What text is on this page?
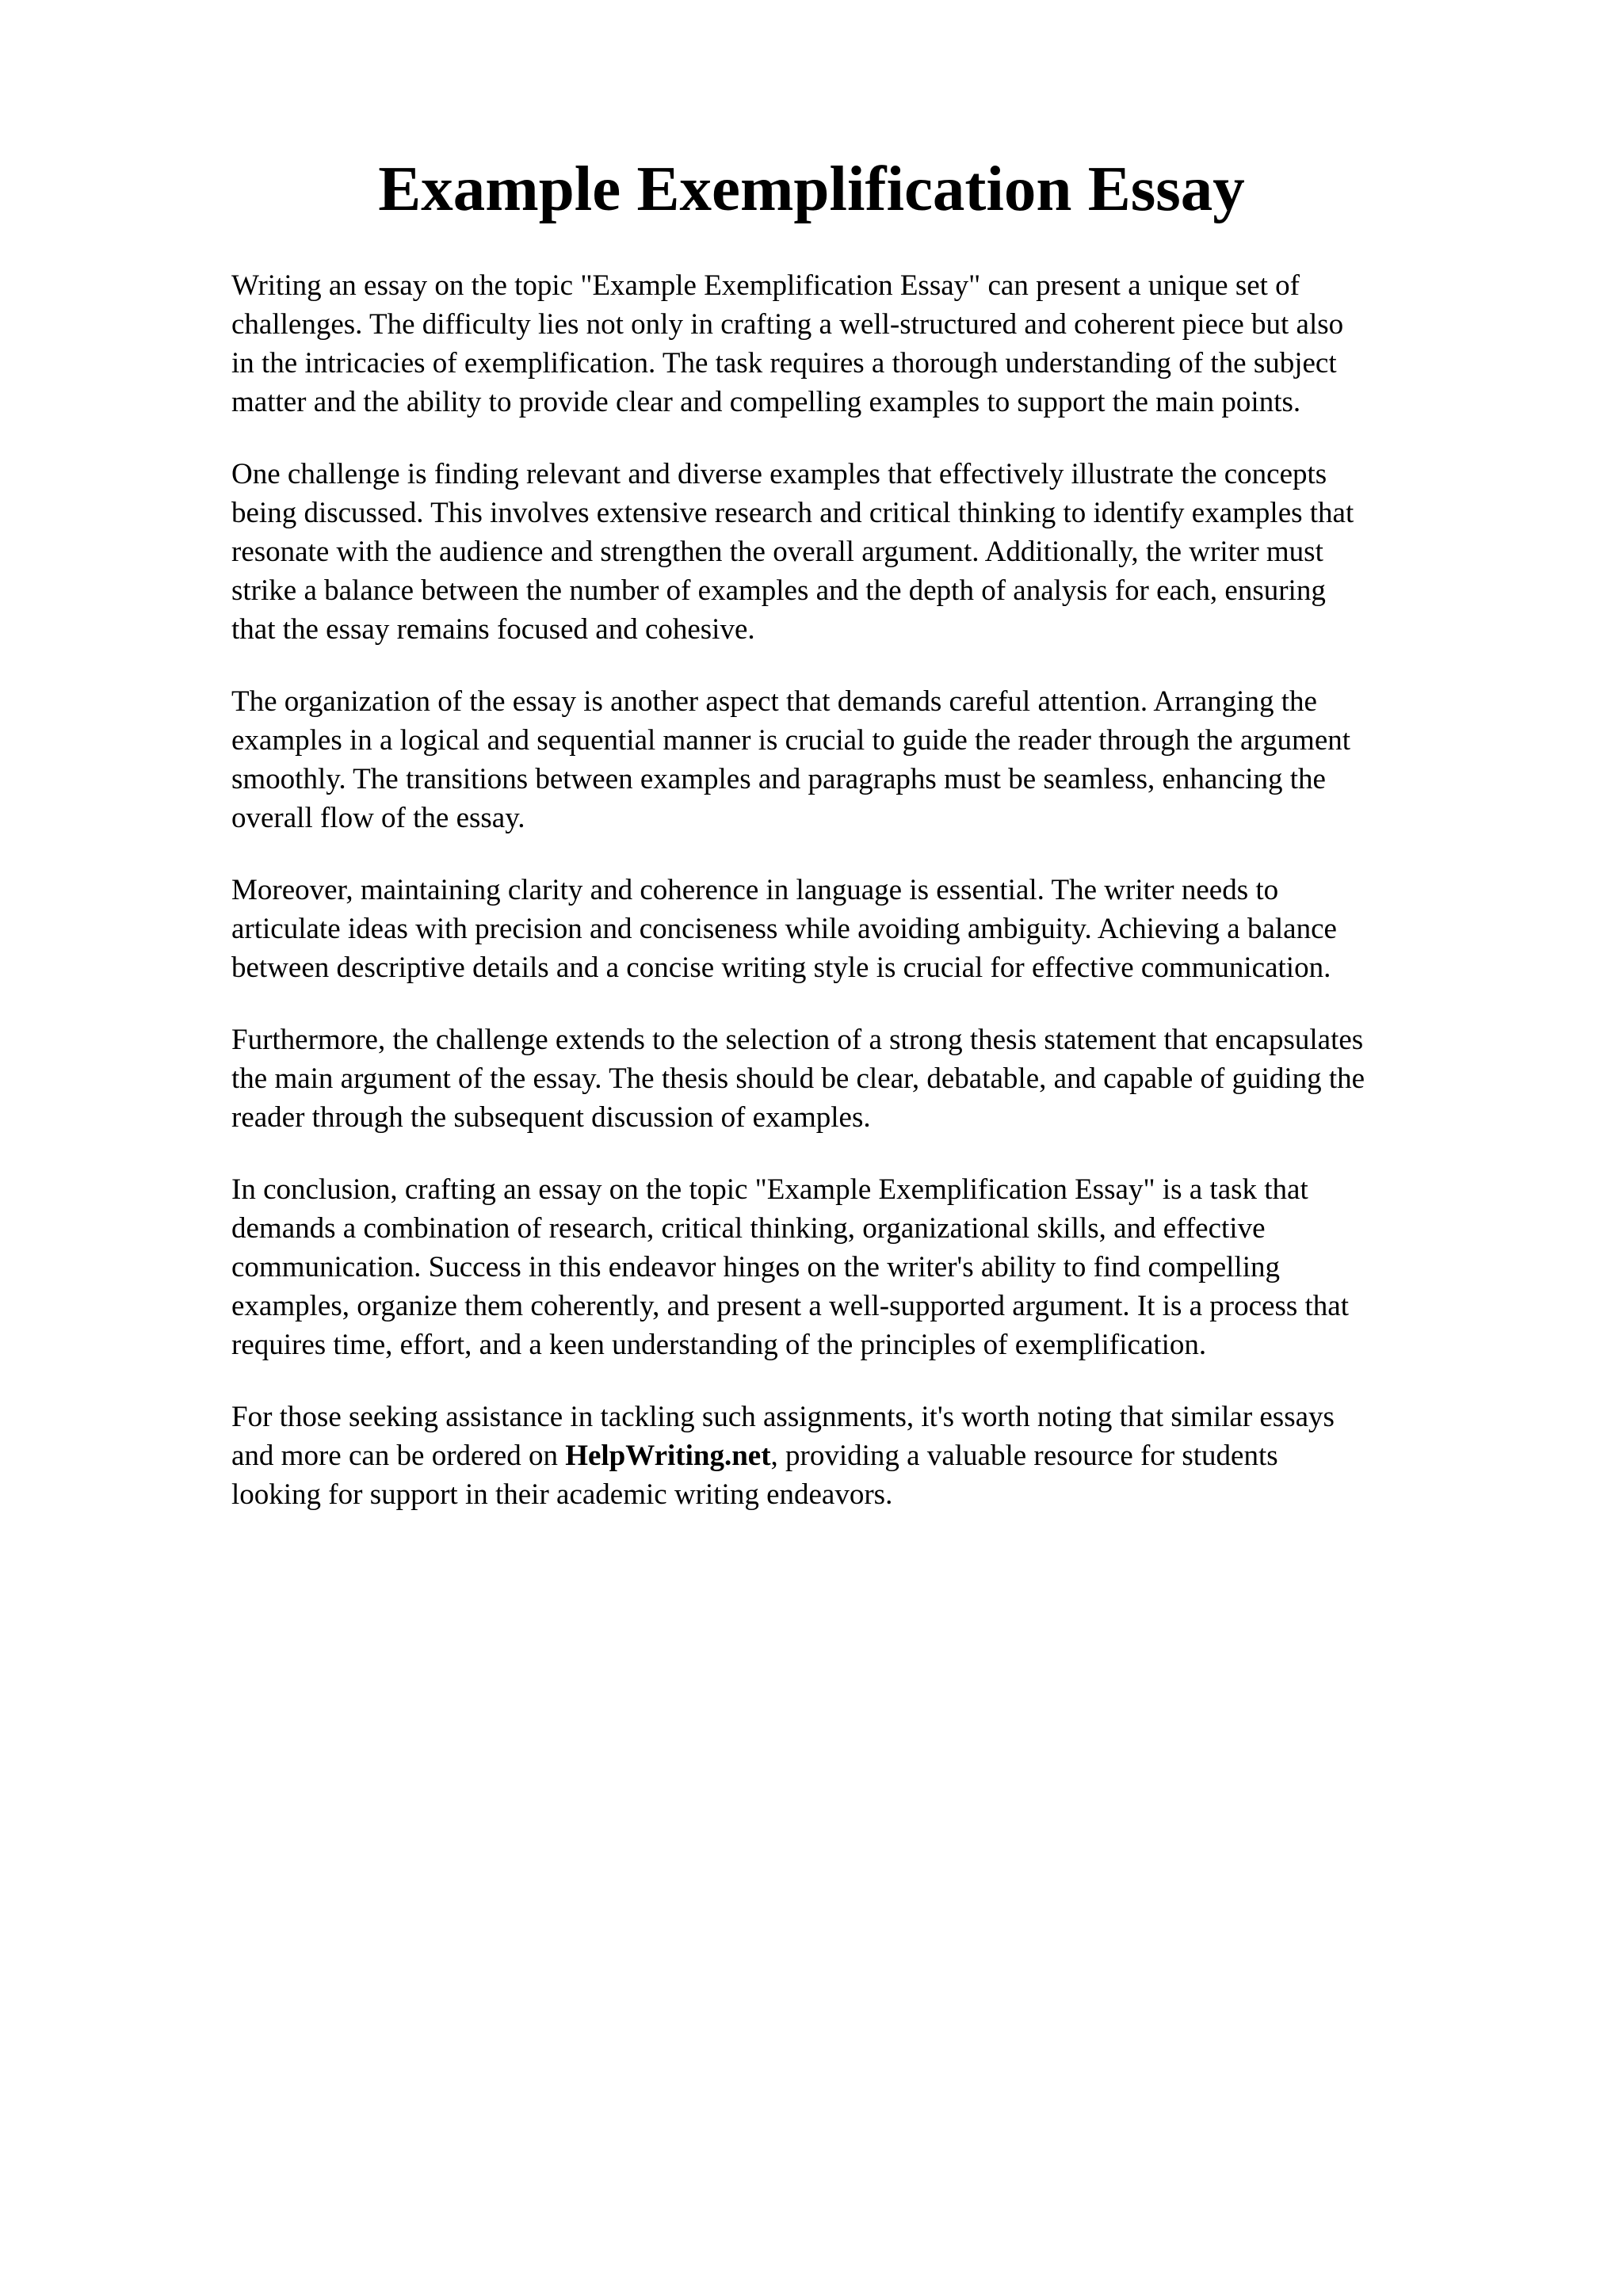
Example Exemplification Essay

Writing an essay on the topic "Example Exemplification Essay" can present a unique set of
challenges. The difficulty lies not only in crafting a well-structured and coherent piece but also
in the intricacies of exemplification. The task requires a thorough understanding of the subject
matter and the ability to provide clear and compelling examples to support the main points.

One challenge is finding relevant and diverse examples that effectively illustrate the concepts
being discussed. This involves extensive research and critical thinking to identify examples that
resonate with the audience and strengthen the overall argument. Additionally, the writer must
strike a balance between the number of examples and the depth of analysis for each, ensuring
that the essay remains focused and cohesive.

The organization of the essay is another aspect that demands careful attention. Arranging the
examples in a logical and sequential manner is crucial to guide the reader through the argument
smoothly. The transitions between examples and paragraphs must be seamless, enhancing the
overall flow of the essay.

Moreover, maintaining clarity and coherence in language is essential. The writer needs to
articulate ideas with precision and conciseness while avoiding ambiguity. Achieving a balance
between descriptive details and a concise writing style is crucial for effective communication.

Furthermore, the challenge extends to the selection of a strong thesis statement that encapsulates
the main argument of the essay. The thesis should be clear, debatable, and capable of guiding the
reader through the subsequent discussion of examples.

In conclusion, crafting an essay on the topic "Example Exemplification Essay" is a task that
demands a combination of research, critical thinking, organizational skills, and effective
communication. Success in this endeavor hinges on the writer's ability to find compelling
examples, organize them coherently, and present a well-supported argument. It is a process that
requires time, effort, and a keen understanding of the principles of exemplification.

For those seeking assistance in tackling such assignments, it's worth noting that similar essays
and more can be ordered on HelpWriting.net, providing a valuable resource for students
looking for support in their academic writing endeavors.
